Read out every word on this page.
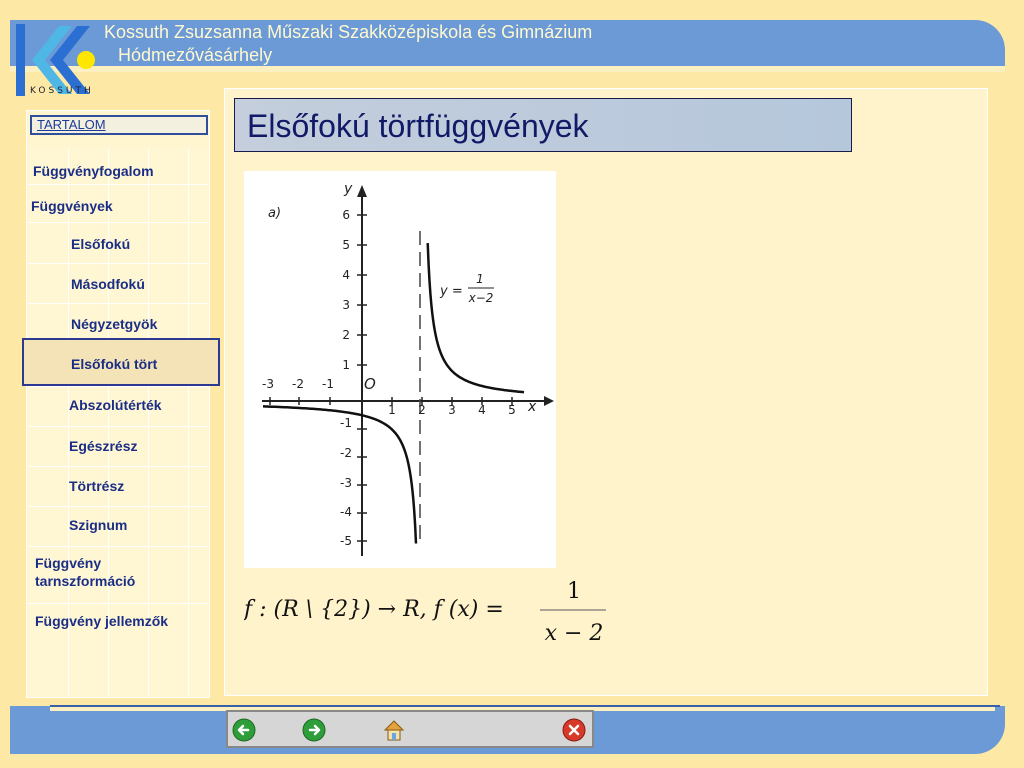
KOSSUTH
Kossuth Zsuzsanna Műszaki Szakközépiskola és Gimnázium
Hódmezővásárhely
TARTALOM
Függvényfogalom
Függvények
Elsőfokú
Másodfokú
Négyzetgyök
Elsőfokú tört
Abszolútérték
Egészrész
Törtrész
Szignum
Függvény tarnszformáció
Függvény jellemzők
Elsőfokú törtfüggvények
6
5
4
3
2
1
-1
-2
-3
-4
-5
-3 -2 -1
1 2 3 4 5
a)
y
x
O
y =
1
x−2
f : (R \ {2}) → R, f (x) =
1
x − 2
